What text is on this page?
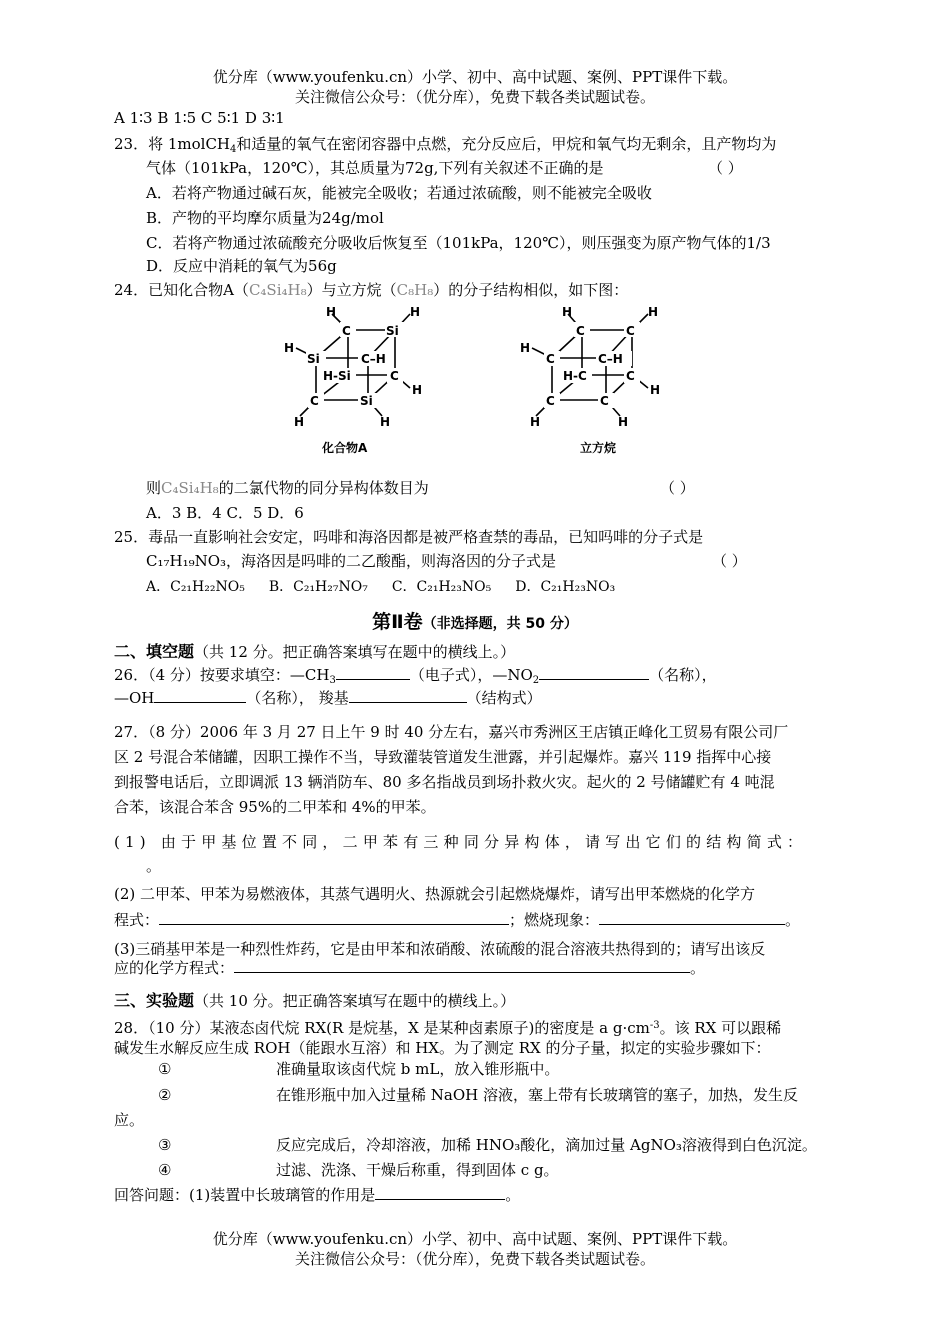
优分库（www.youfenku.cn）小学、初中、高中试题、案例、PPT课件下载。
关注微信公众号：（优分库），免费下载各类试题试卷。
A 1∶3 B 1∶5 C 5∶1 D 3∶1
23．将 1molCH$_4$和适量的氧气在密闭容器中点燃，充分反应后，甲烷和氧气均无剩余，且产物均为
气体（101kPa，120℃），其总质量为72g,下列有关叙述不正确的是	（ ）
A．若将产物通过碱石灰，能被完全吸收；若通过浓硫酸，则不能被完全吸收
B．产物的平均摩尔质量为24g/mol
C．若将产物通过浓硫酸充分吸收后恢复至（101kPa，120℃），则压强变为原产物气体的1/3
D．反应中消耗的氧气为56g
24．已知化合物A（C₄Si₄H₈）与立方烷（C₈H₈）的分子结构相似，如下图：
C	Si
Si	C–H
H-Si	C
C	Si
H	H
H
H	H
H
C	C
C	C–H
H-C	C
C	C
H	H
H
H	H
H
化合物A	立方烷
则C₄Si₄H₈的二氯代物的同分异构体数目为	（ ）
A．3 B．4 C．5 D．6
25．毒品一直影响社会安定，吗啡和海洛因都是被严格查禁的毒品，已知吗啡的分子式是
C₁₇H₁₉NO₃，海洛因是吗啡的二乙酸酯，则海洛因的分子式是	（ ）
A．C₂₁H₂₂NO₅ B．C₂₁H₂₇NO₇ C．C₂₁H₂₃NO₅ D．C₂₁H₂₃NO₃
第Ⅱ卷（非选择题，共 50 分）
二、填空题（共 12 分。把正确答案填写在题中的横线上。）
26．（4 分）按要求填空：$—CH_3$	（电子式），$—NO_2$	（名称），
—OH	（名称）， 羧基	（结构式）
27．（8 分）2006 年 3 月 27 日上午 9 时 40 分左右，嘉兴市秀洲区王店镇正峰化工贸易有限公司厂
区 2 号混合苯储罐，因职工操作不当，导致灌装管道发生泄露，并引起爆炸。嘉兴 119 指挥中心接
到报警电话后，立即调派 13 辆消防车、80 多名指战员到场扑救火灾。起火的 2 号储罐贮有 4 吨混
合苯，该混合苯含 95%的二甲苯和 4%的甲苯。
(1) 由于甲基位置不同，二甲苯有三种同分异构体，请写出它们的结构简式：
。
(2) 二甲苯、甲苯为易燃液体，其蒸气遇明火、热源就会引起燃烧爆炸，请写出甲苯燃烧的化学方
程式：	；燃烧现象：	。
(3)三硝基甲苯是一种烈性炸药，它是由甲苯和浓硝酸、浓硫酸的混合溶液共热得到的；请写出该反
应的化学方程式：	。
三、实验题（共 10 分。把正确答案填写在题中的横线上。）
28．（10 分）某液态卤代烷 RX(R 是烷基，X 是某种卤素原子)的密度是 a $g\cdot cm^{-3}$。该 RX 可以跟稀
碱发生水解反应生成 ROH（能跟水互溶）和 HX。为了测定 RX 的分子量，拟定的实验步骤如下：
①	准确量取该卤代烷 b mL，放入锥形瓶中。
②	在锥形瓶中加入过量稀 NaOH 溶液，塞上带有长玻璃管的塞子，加热，发生反
应。
③	反应完成后，冷却溶液，加稀 HNO₃酸化，滴加过量 AgNO₃溶液得到白色沉淀。
④	过滤、洗涤、干燥后称重，得到固体 c g。
回答问题：(1)装置中长玻璃管的作用是	。
优分库（www.youfenku.cn）小学、初中、高中试题、案例、PPT课件下载。
关注微信公众号：（优分库），免费下载各类试题试卷。
